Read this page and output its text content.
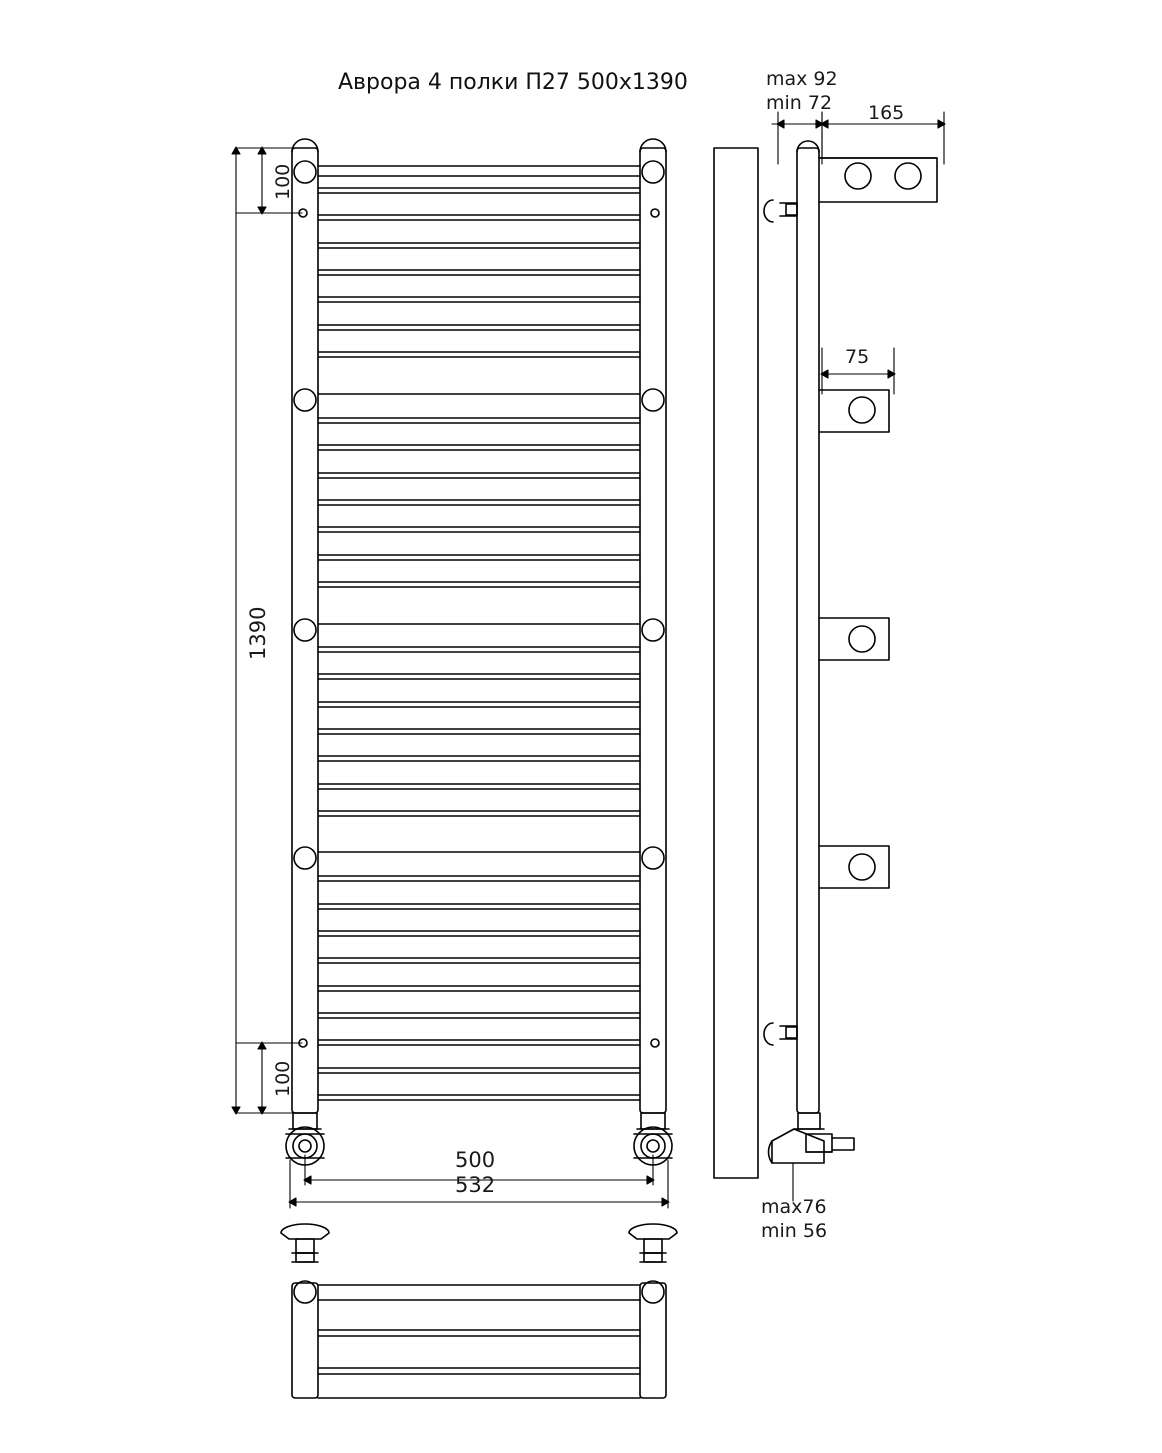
Аврора 4 полки П27 500x1390
100
100
1390
500
532
max 92
min 72 165
75
max76
min 56
